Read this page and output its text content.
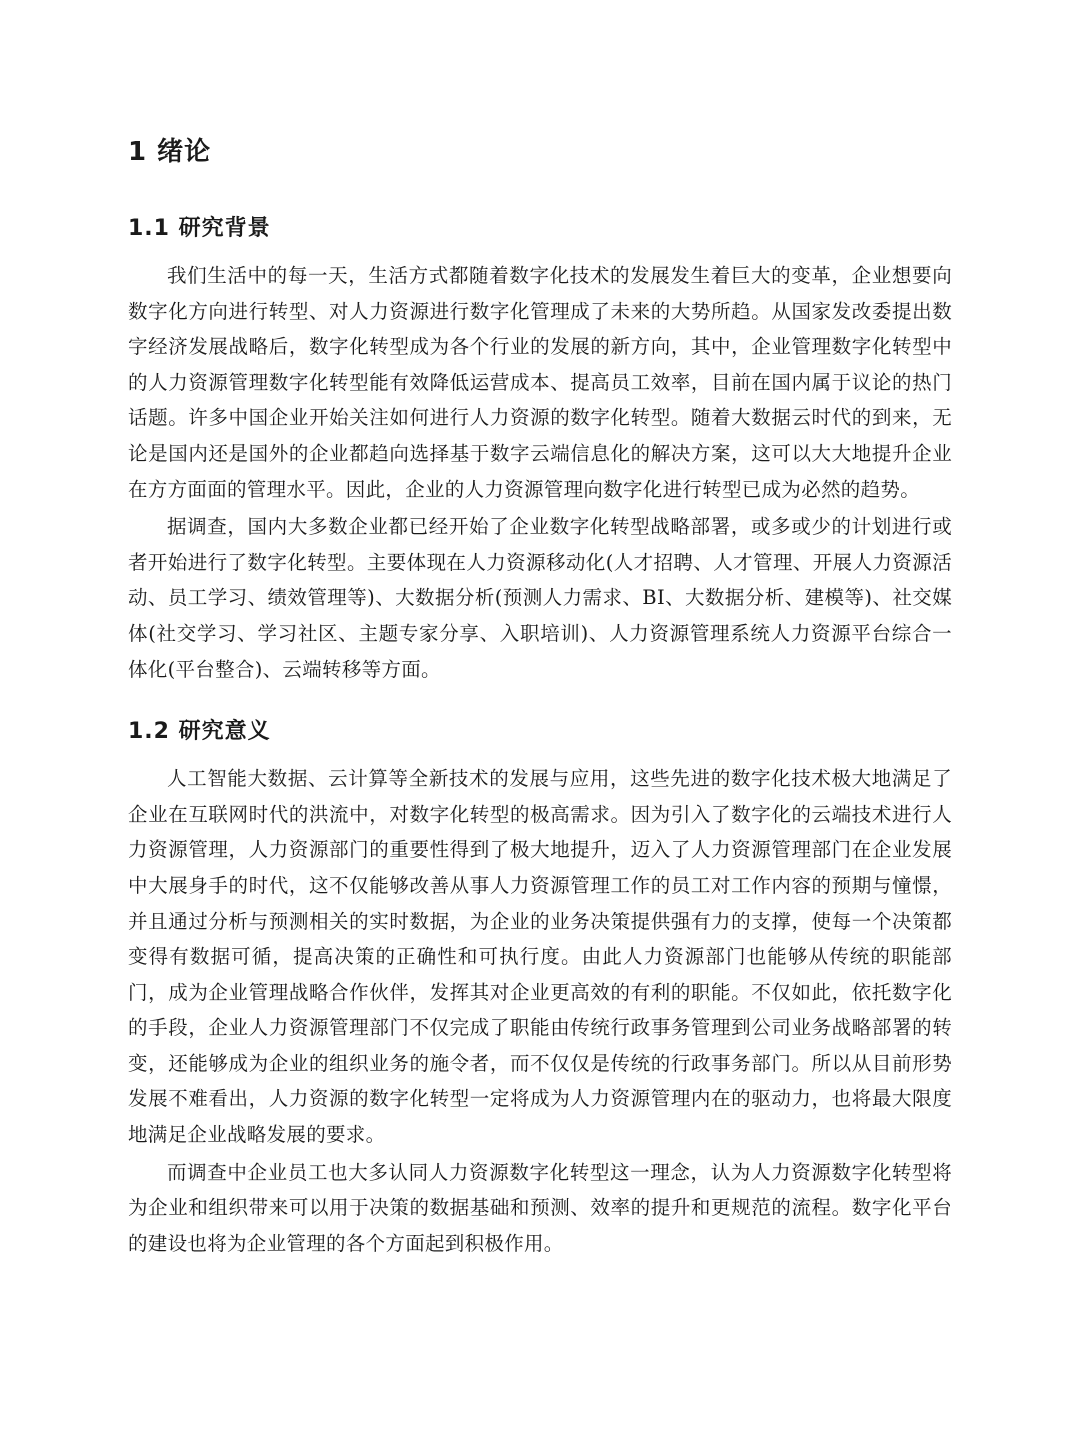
1 绪论
1.1 研究背景

我们生活中的每一天，生活方式都随着数字化技术的发展发生着巨大的变革，企业想要向数字化方向进行转型、对人力资源进行数字化管理成了未来的大势所趋。从国家发改委提出数字经济发展战略后，数字化转型成为各个行业的发展的新方向，其中，企业管理数字化转型中的人力资源管理数字化转型能有效降低运营成本、提高员工效率，目前在国内属于议论的热门话题。许多中国企业开始关注如何进行人力资源的数字化转型。随着大数据云时代的到来，无论是国内还是国外的企业都趋向选择基于数字云端信息化的解决方案，这可以大大地提升企业在方方面面的管理水平。因此，企业的人力资源管理向数字化进行转型已成为必然的趋势。

据调查，国内大多数企业都已经开始了企业数字化转型战略部署，或多或少的计划进行或者开始进行了数字化转型。主要体现在人力资源移动化(人才招聘、人才管理、开展人力资源活动、员工学习、绩效管理等)、大数据分析(预测人力需求、BI、大数据分析、建模等)、社交媒体(社交学习、学习社区、主题专家分享、入职培训)、人力资源管理系统人力资源平台综合一体化(平台整合)、云端转移等方面。

1.2 研究意义

人工智能大数据、云计算等全新技术的发展与应用，这些先进的数字化技术极大地满足了企业在互联网时代的洪流中，对数字化转型的极高需求。因为引入了数字化的云端技术进行人力资源管理，人力资源部门的重要性得到了极大地提升，迈入了人力资源管理部门在企业发展中大展身手的时代，这不仅能够改善从事人力资源管理工作的员工对工作内容的预期与憧憬，并且通过分析与预测相关的实时数据，为企业的业务决策提供强有力的支撑，使每一个决策都变得有数据可循，提高决策的正确性和可执行度。由此人力资源部门也能够从传统的职能部门，成为企业管理战略合作伙伴，发挥其对企业更高效的有利的职能。不仅如此，依托数字化的手段，企业人力资源管理部门不仅完成了职能由传统行政事务管理到公司业务战略部署的转变，还能够成为企业的组织业务的施令者，而不仅仅是传统的行政事务部门。所以从目前形势发展不难看出，人力资源的数字化转型一定将成为人力资源管理内在的驱动力，也将最大限度地满足企业战略发展的要求。

而调查中企业员工也大多认同人力资源数字化转型这一理念，认为人力资源数字化转型将为企业和组织带来可以用于决策的数据基础和预测、效率的提升和更规范的流程。数字化平台的建设也将为企业管理的各个方面起到积极作用。
